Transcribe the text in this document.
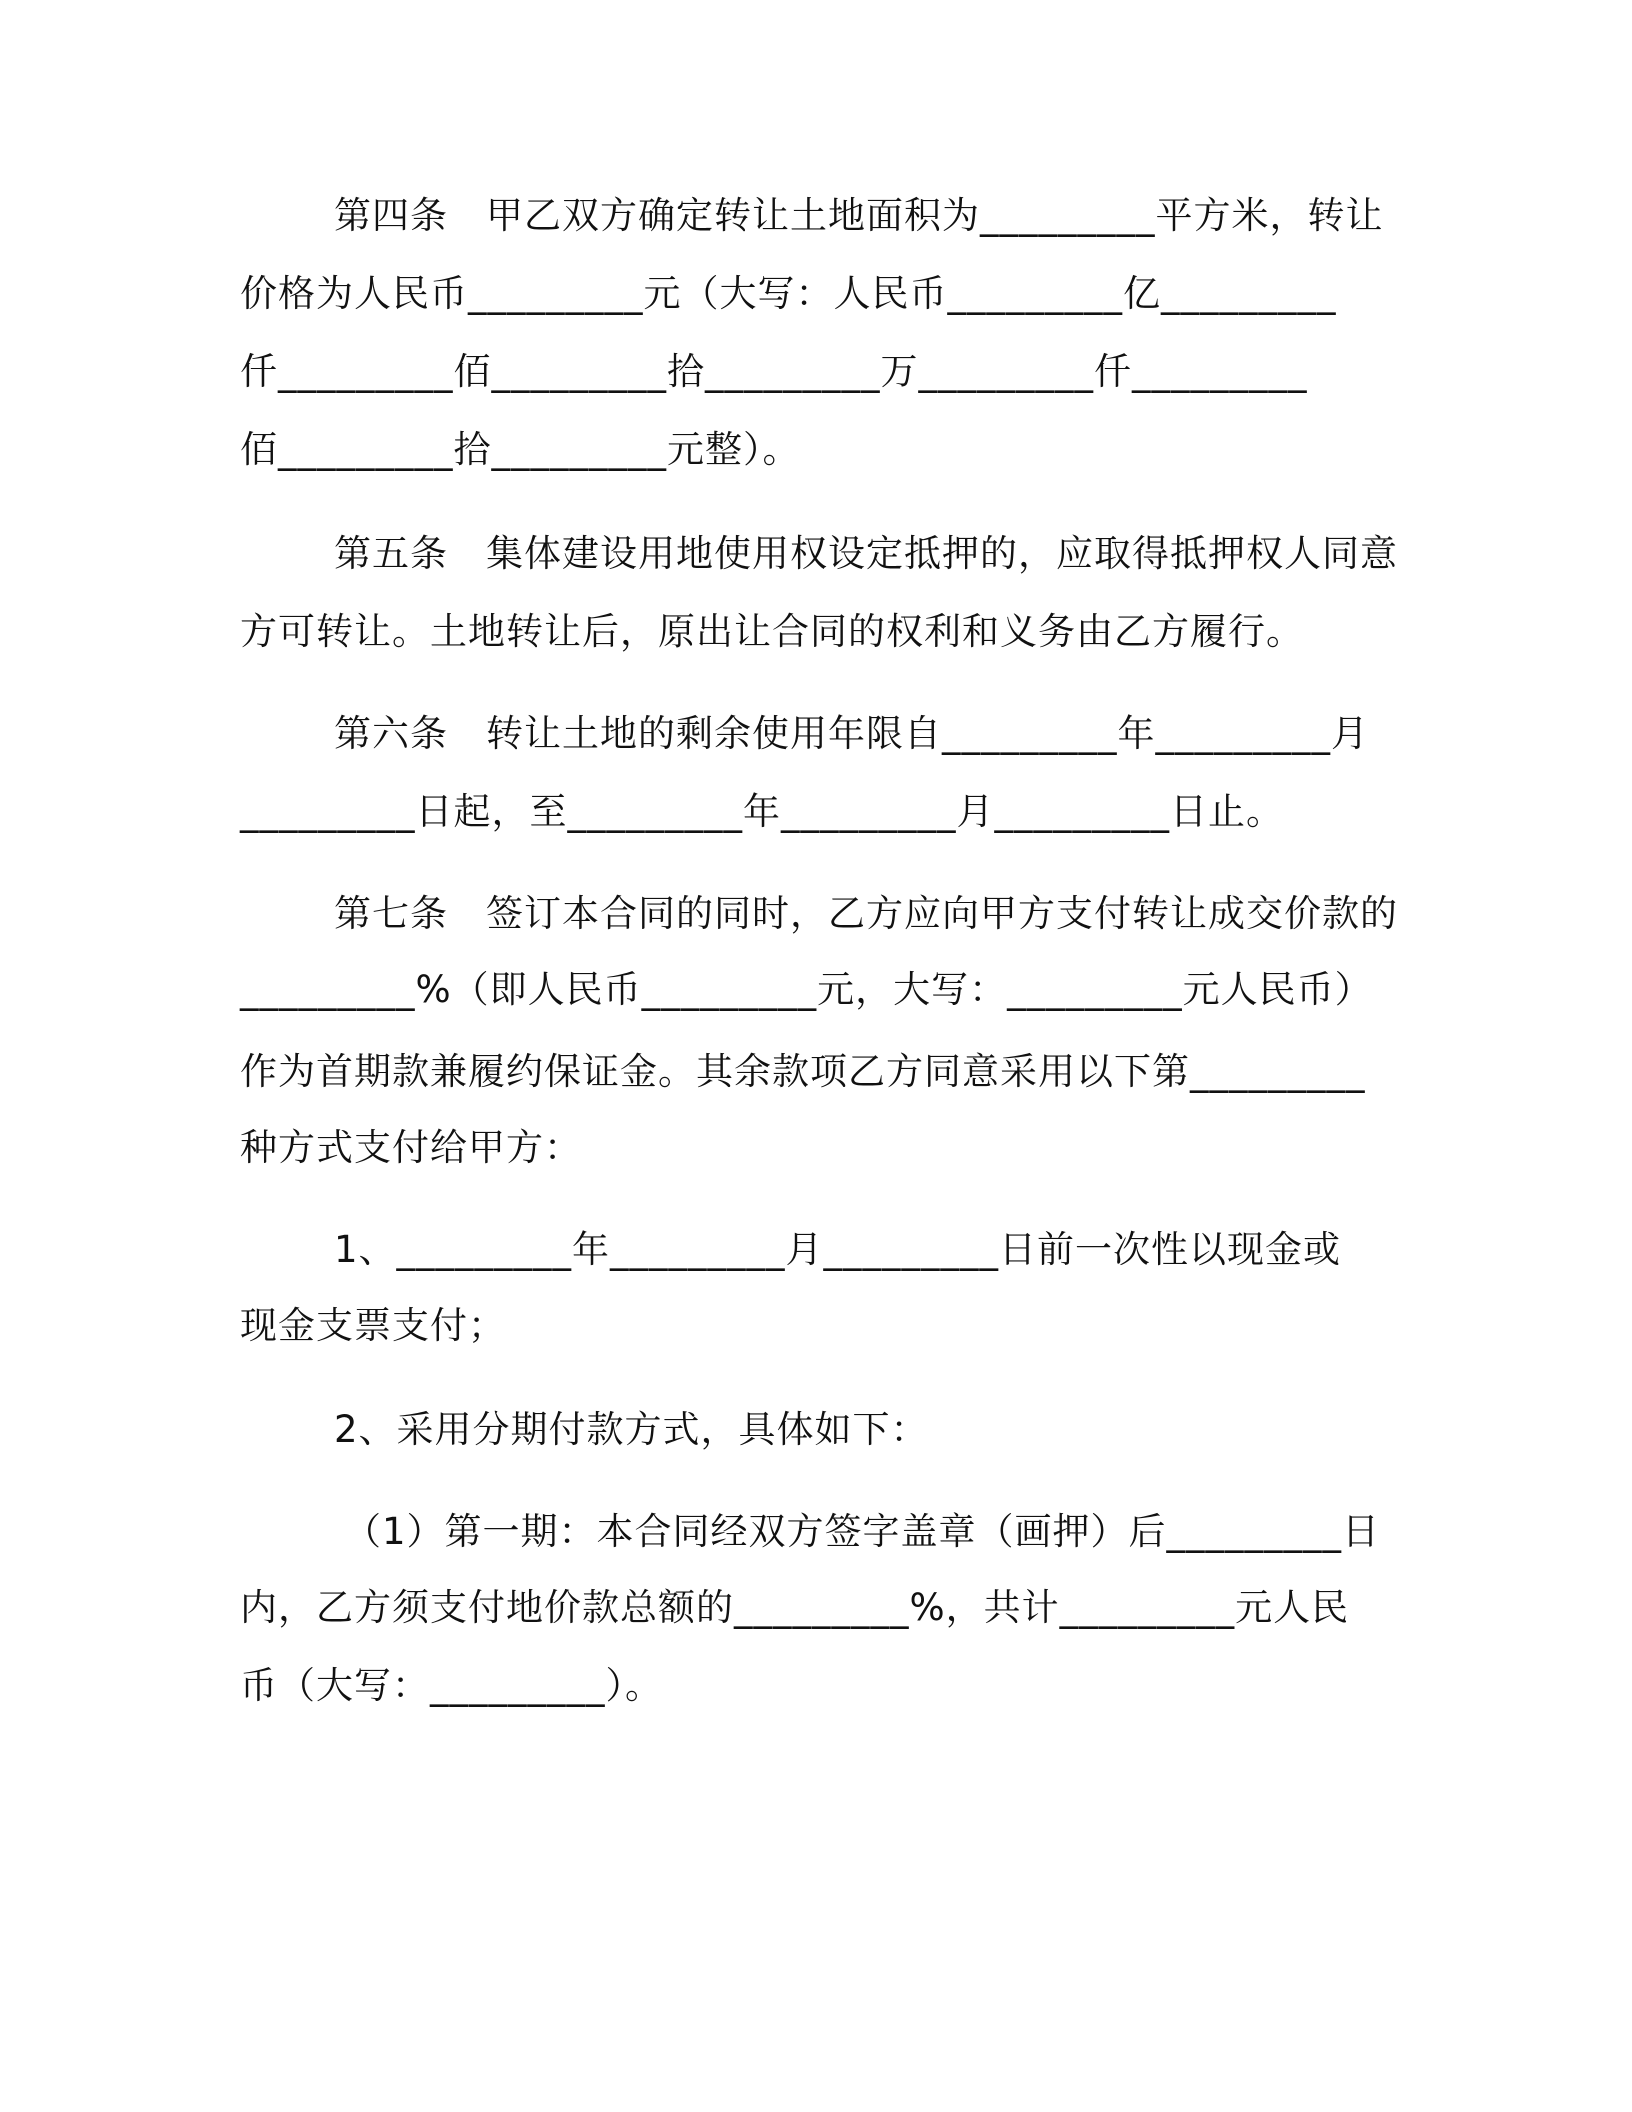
第四条　甲乙双方确定转让土地面积为_________平方米，转让
价格为人民币_________元（大写：人民币_________亿_________
仟_________佰_________拾_________万_________仟_________
佰_________拾_________元整）。
第五条　集体建设用地使用权设定抵押的，应取得抵押权人同意
方可转让。土地转让后，原出让合同的权利和义务由乙方履行。
第六条　转让土地的剩余使用年限自_________年_________月
_________日起，至_________年_________月_________日止。
第七条　签订本合同的同时，乙方应向甲方支付转让成交价款的
_________%（即人民币_________元，大写：_________元人民币）
作为首期款兼履约保证金。其余款项乙方同意采用以下第_________
种方式支付给甲方：
1、_________年_________月_________日前一次性以现金或
现金支票支付；
2、采用分期付款方式，具体如下：
（1）第一期：本合同经双方签字盖章（画押）后_________日
内，乙方须支付地价款总额的_________%，共计_________元人民
币（大写：_________）。
